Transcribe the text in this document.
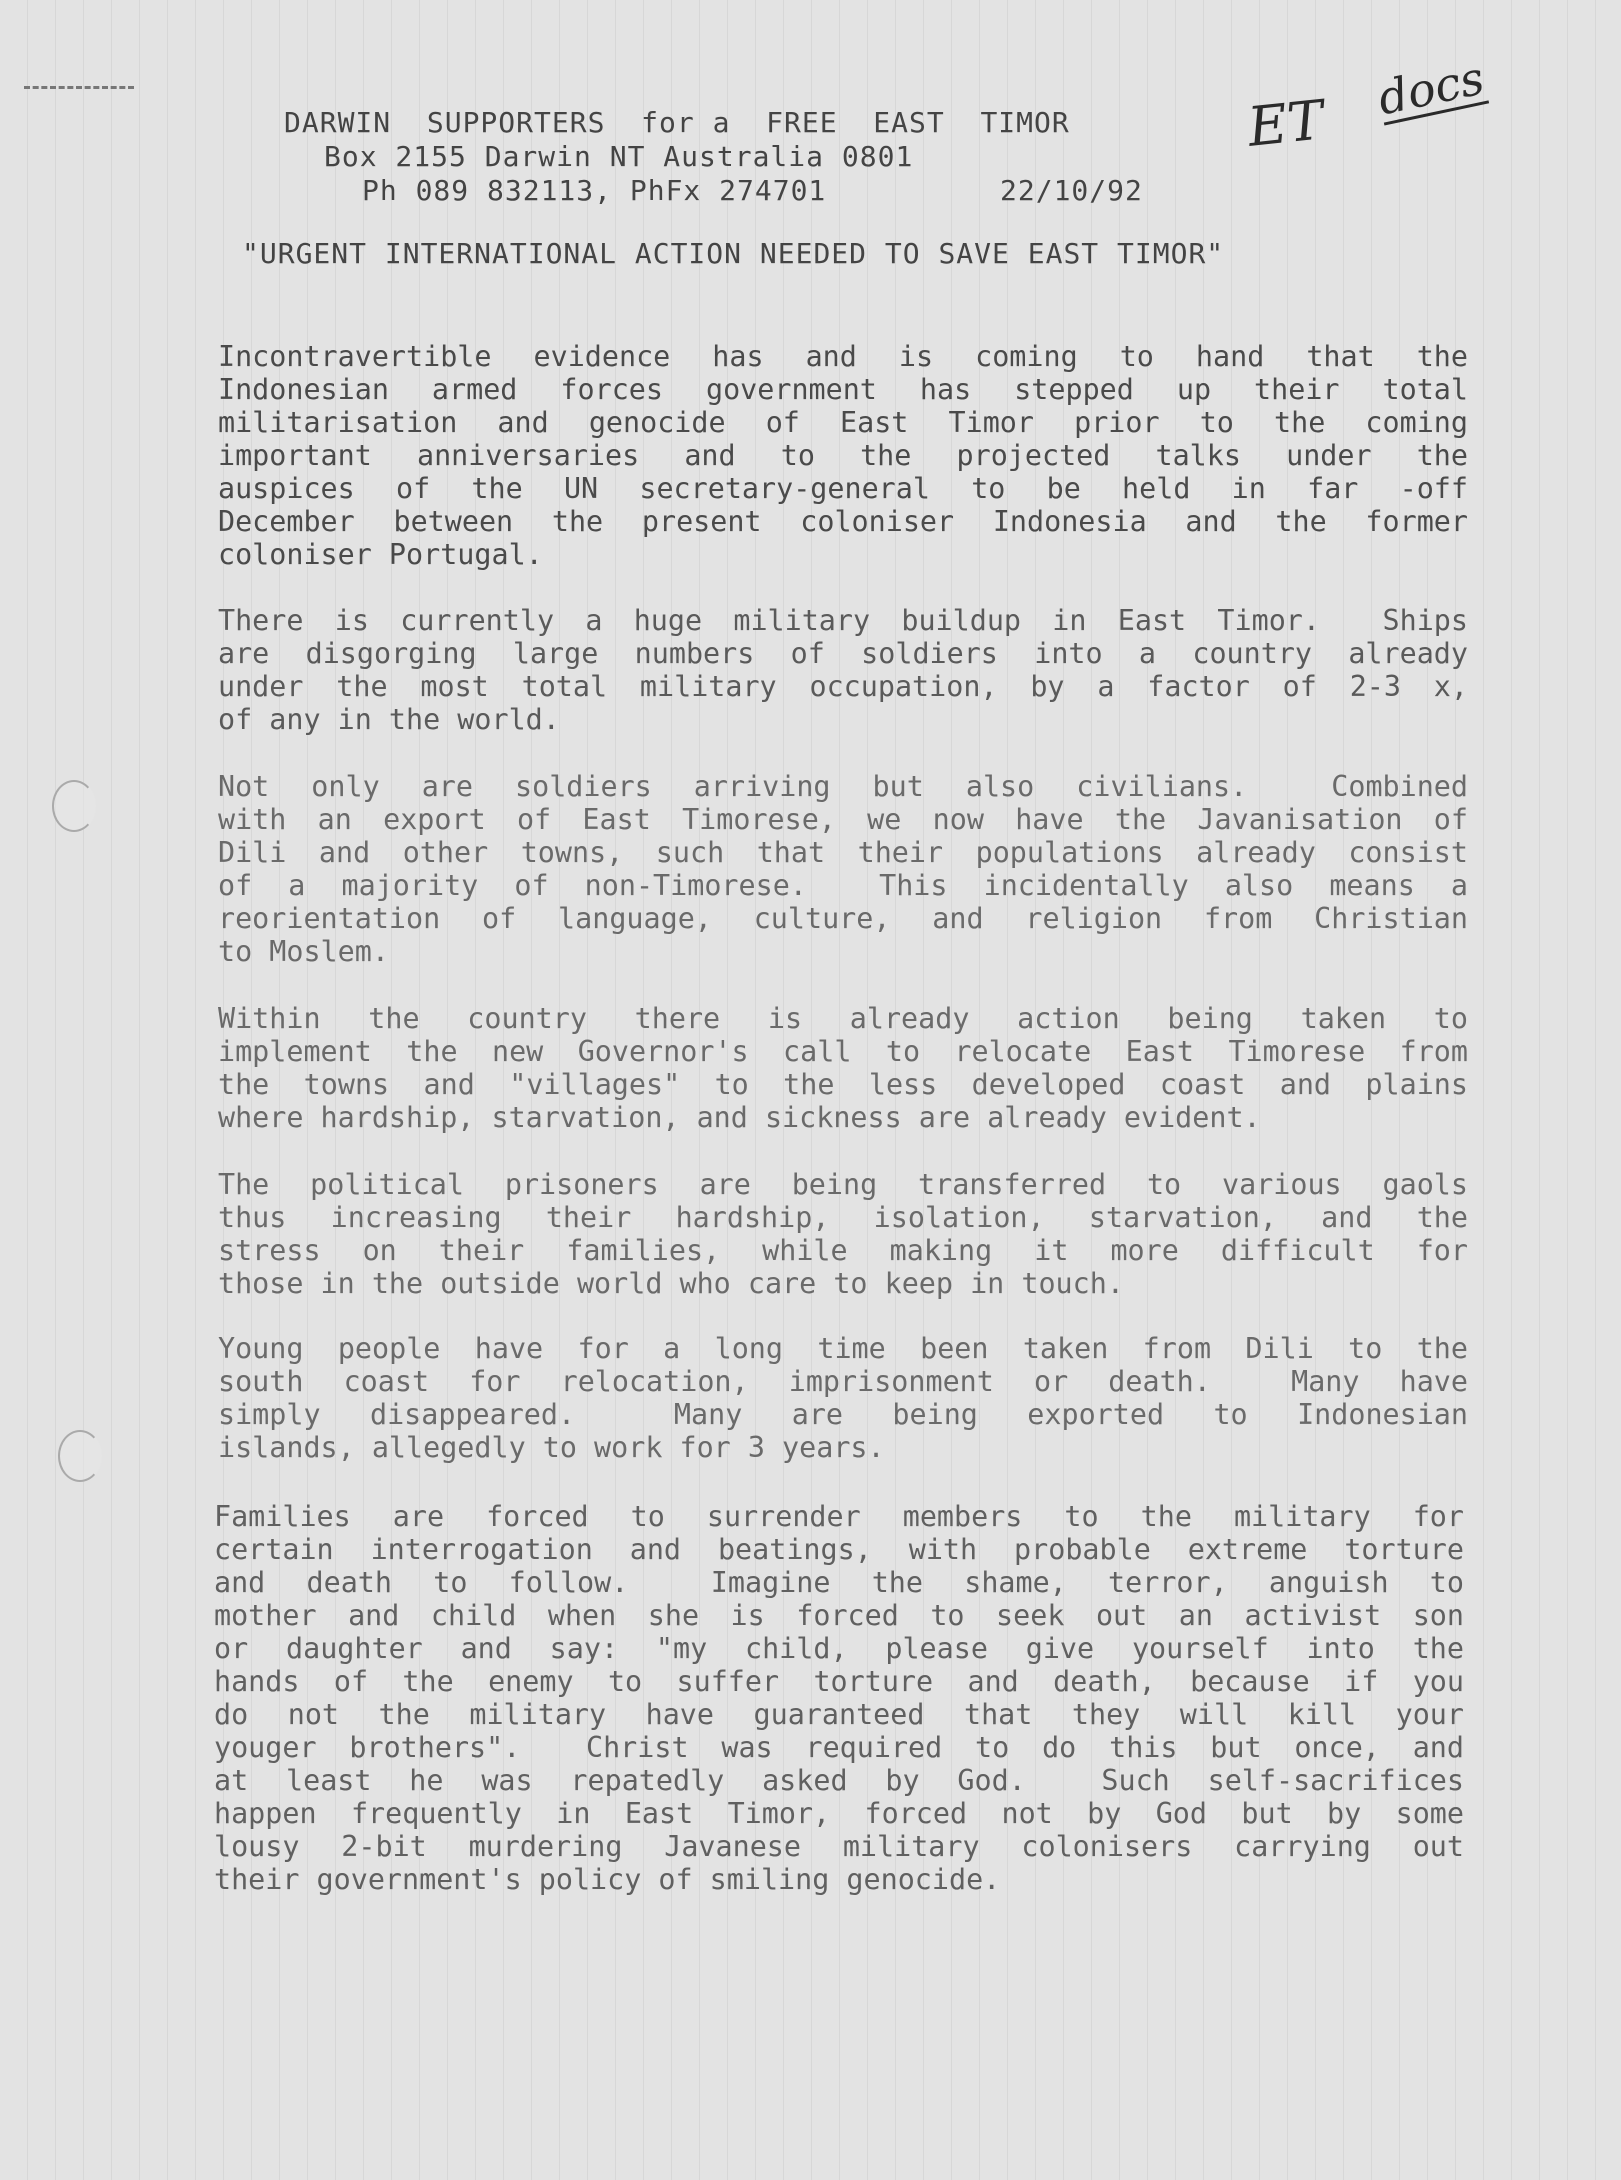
DARWIN  SUPPORTERS  for a  FREE  EAST  TIMOR
Box 2155 Darwin NT Australia 0801
Ph 089 832113, PhFx 274701	22/10/92
ET docs
"URGENT INTERNATIONAL ACTION NEEDED TO SAVE EAST TIMOR"
Incontravertible evidence has and is coming to hand that the
Indonesian armed forces government has stepped up their total
militarisation and genocide of East Timor prior to the coming
important anniversaries and to the projected talks under the
auspices of the UN secretary-general to be held in far -off
December between the present coloniser Indonesia and the former
coloniser Portugal.
There is currently a huge military buildup in East Timor.  Ships
are disgorging large numbers of soldiers into a country already
under the most total military occupation, by a factor of 2-3 x,
of any in the world.
Not only are soldiers arriving but also civilians.  Combined
with an export of East Timorese, we now have the Javanisation of
Dili and other towns, such that their populations already consist
of a majority of non-Timorese.  This incidentally also means a
reorientation of language, culture, and religion from Christian
to Moslem.
Within the country there is already action being taken to
implement the new Governor's call to relocate East Timorese from
the towns and "villages" to the less developed coast and plains
where hardship, starvation, and sickness are already evident.
The political prisoners are being transferred to various gaols
thus increasing their hardship, isolation, starvation, and the
stress on their families, while making it more difficult for
those in the outside world who care to keep in touch.
Young people have for a long time been taken from Dili to the
south coast for relocation, imprisonment or death.  Many have
simply disappeared.  Many are being exported to Indonesian
islands, allegedly to work for 3 years.
Families are forced to surrender members to the military for
certain interrogation and beatings, with probable extreme torture
and death to follow.  Imagine the shame, terror, anguish to
mother and child when she is forced to seek out an activist son
or daughter and say: "my child, please give yourself into the
hands of the enemy to suffer torture and death, because if you
do not the military have guaranteed that they will kill your
youger brothers".  Christ was required to do this but once, and
at least he was repatedly asked by God.  Such self-sacrifices
happen frequently in East Timor, forced not by God but by some
lousy 2-bit murdering Javanese military colonisers carrying out
their government's policy of smiling genocide.
